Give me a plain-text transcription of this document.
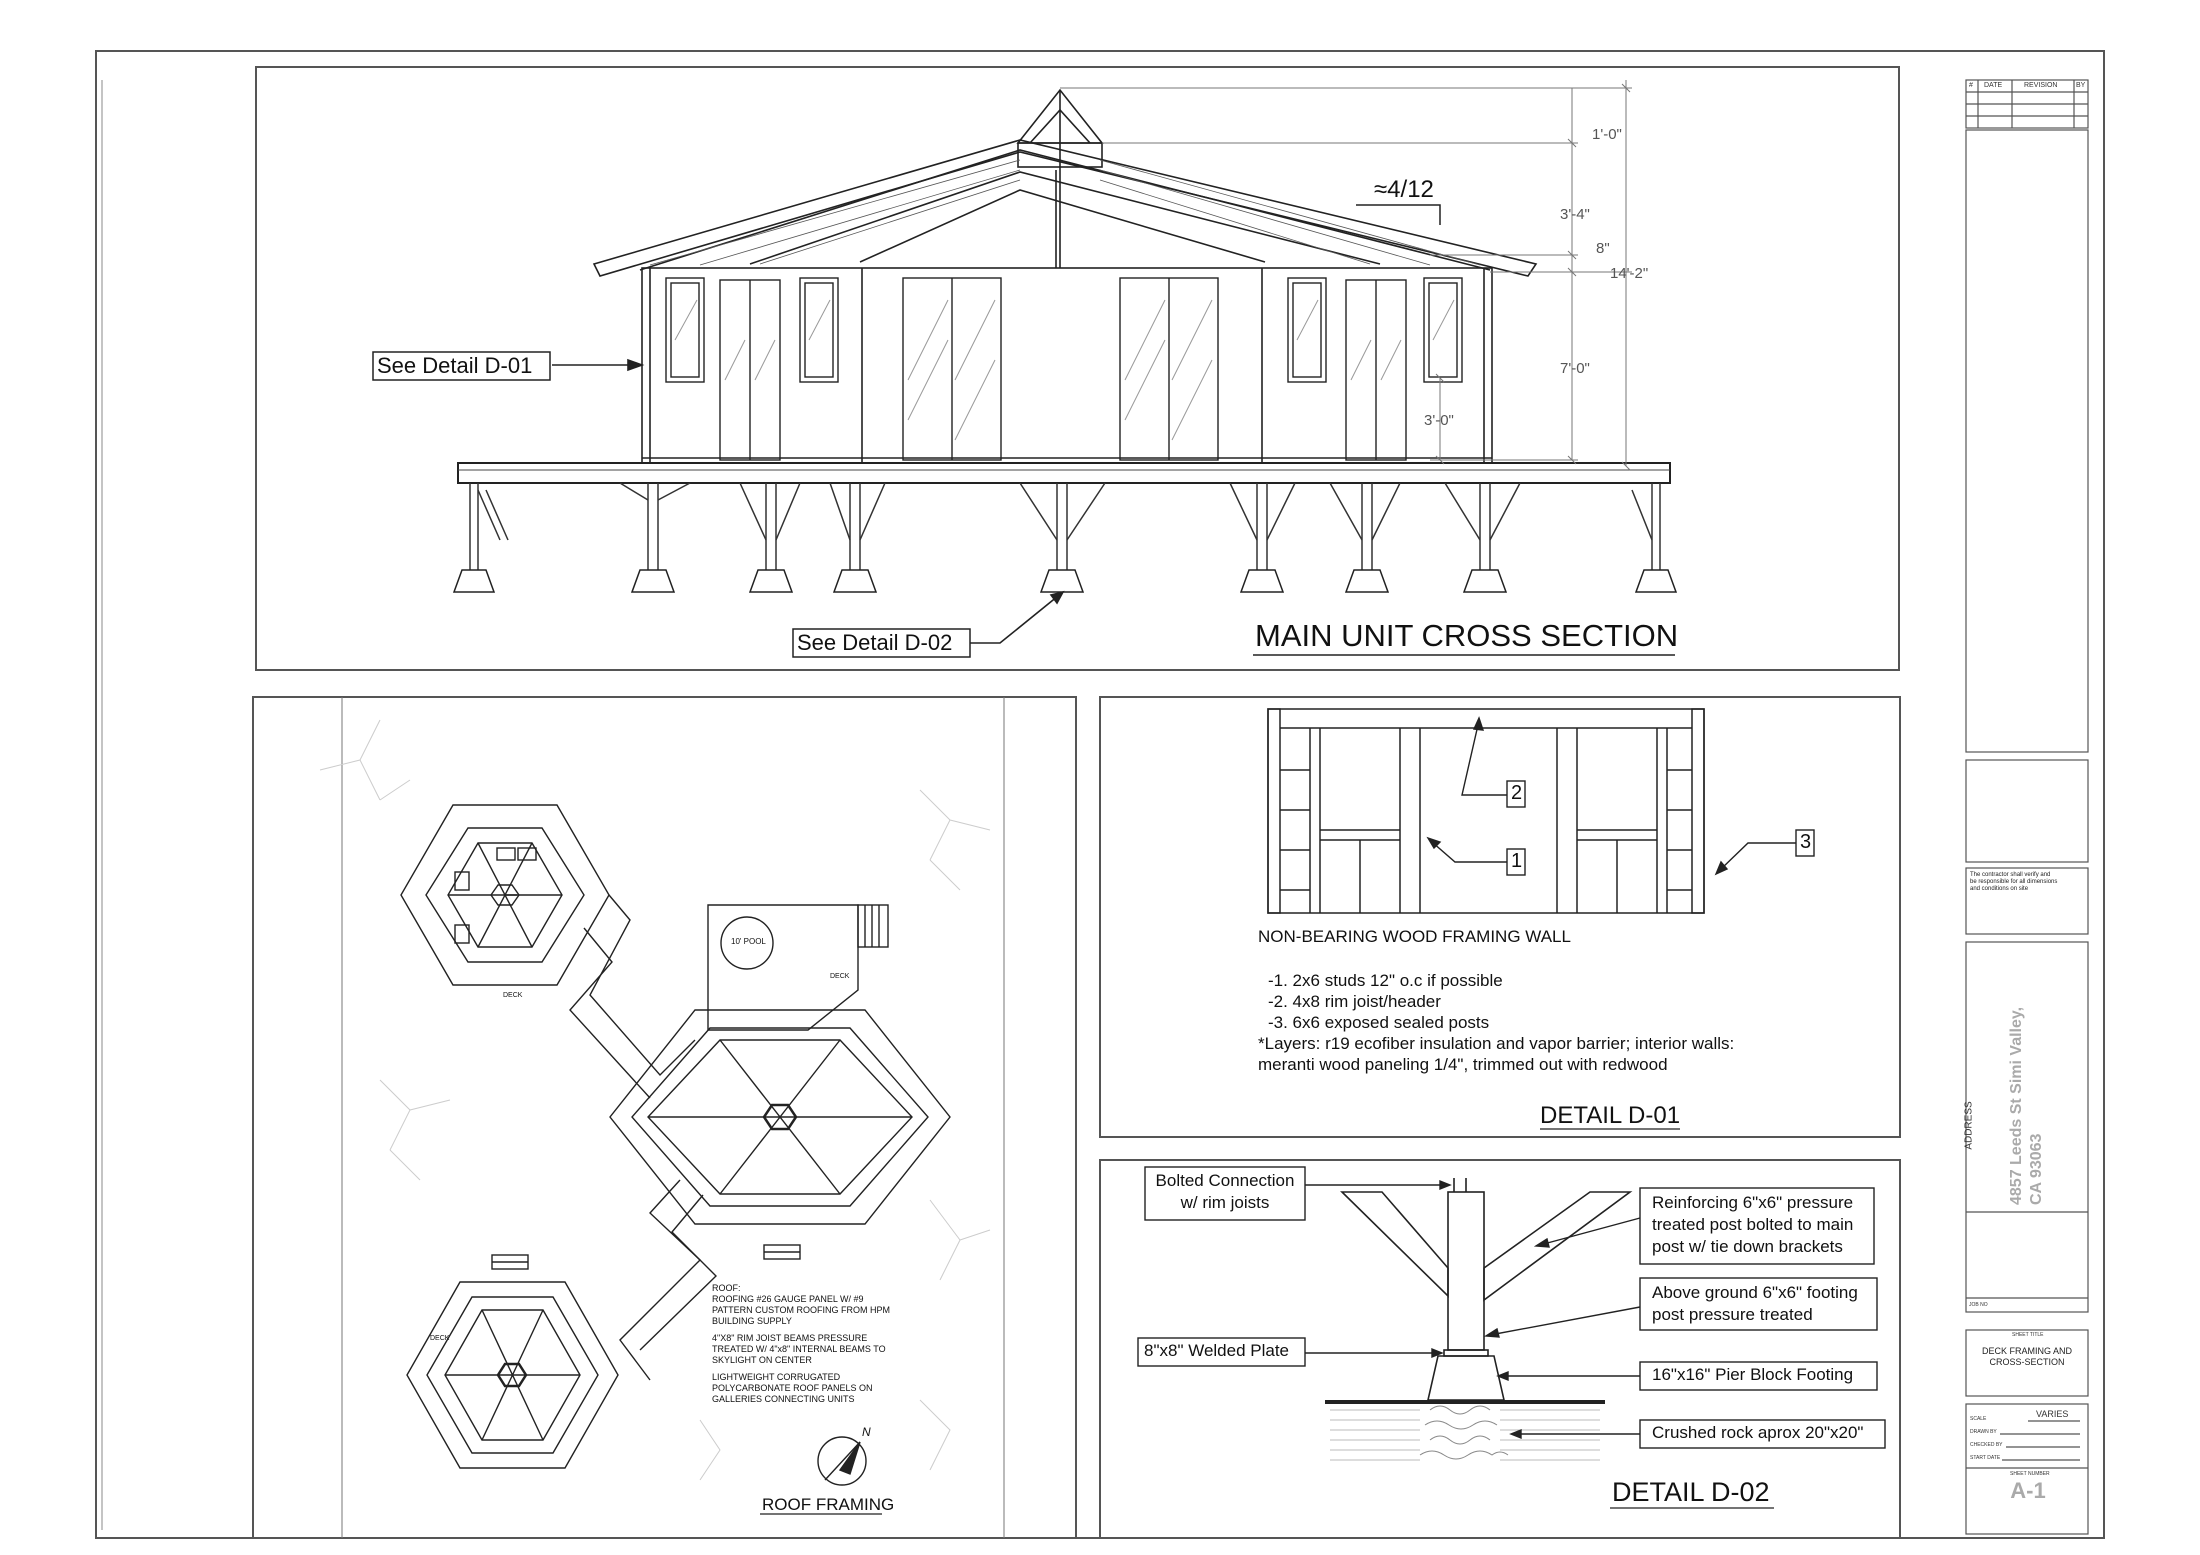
MAIN UNIT CROSS SECTION
See Detail D-01
See Detail D-02
≈4/12
1'-0"
3'-4"
8"
14'-2"
7'-0"
3'-0"
10' POOL
DECK
DECK
DECK
N
ROOF:
ROOFING #26 GAUGE PANEL W/ #9
PATTERN CUSTOM ROOFING FROM HPM
BUILDING SUPPLY
4"X8" RIM JOIST BEAMS PRESSURE
TREATED W/ 4"x8" INTERNAL BEAMS TO
SKYLIGHT ON CENTER
LIGHTWEIGHT CORRUGATED
POLYCARBONATE ROOF PANELS ON
GALLERIES CONNECTING UNITS
ROOF FRAMING
1
2
3
NON-BEARING WOOD FRAMING WALL
-1. 2x6 studs 12" o.c if possible
-2. 4x8 rim joist/header
-3. 6x6 exposed sealed posts
*Layers: r19 ecofiber insulation and vapor barrier; interior walls:
meranti wood paneling 1/4", trimmed out with redwood
DETAIL D-01
Bolted Connection
w/ rim joists
8"x8" Welded Plate
Reinforcing 6"x6" pressure
treated post bolted to main
post w/ tie down brackets
Above ground 6"x6" footing
post pressure treated
16"x16" Pier Block Footing
Crushed rock aprox 20"x20"
DETAIL D-02
# DATE	REVISION	BY
The contractor shall verify and
be responsible for all dimensions
and conditions on site
ADDRESS 4857 Leeds St Simi Valley, CA 93063
JOB NO
SHEET TITLE
DECK FRAMING AND
CROSS-SECTION
SCALE	VARIES
DRAWN BY
CHECKED BY
START DATE
SHEET NUMBER
A-1
